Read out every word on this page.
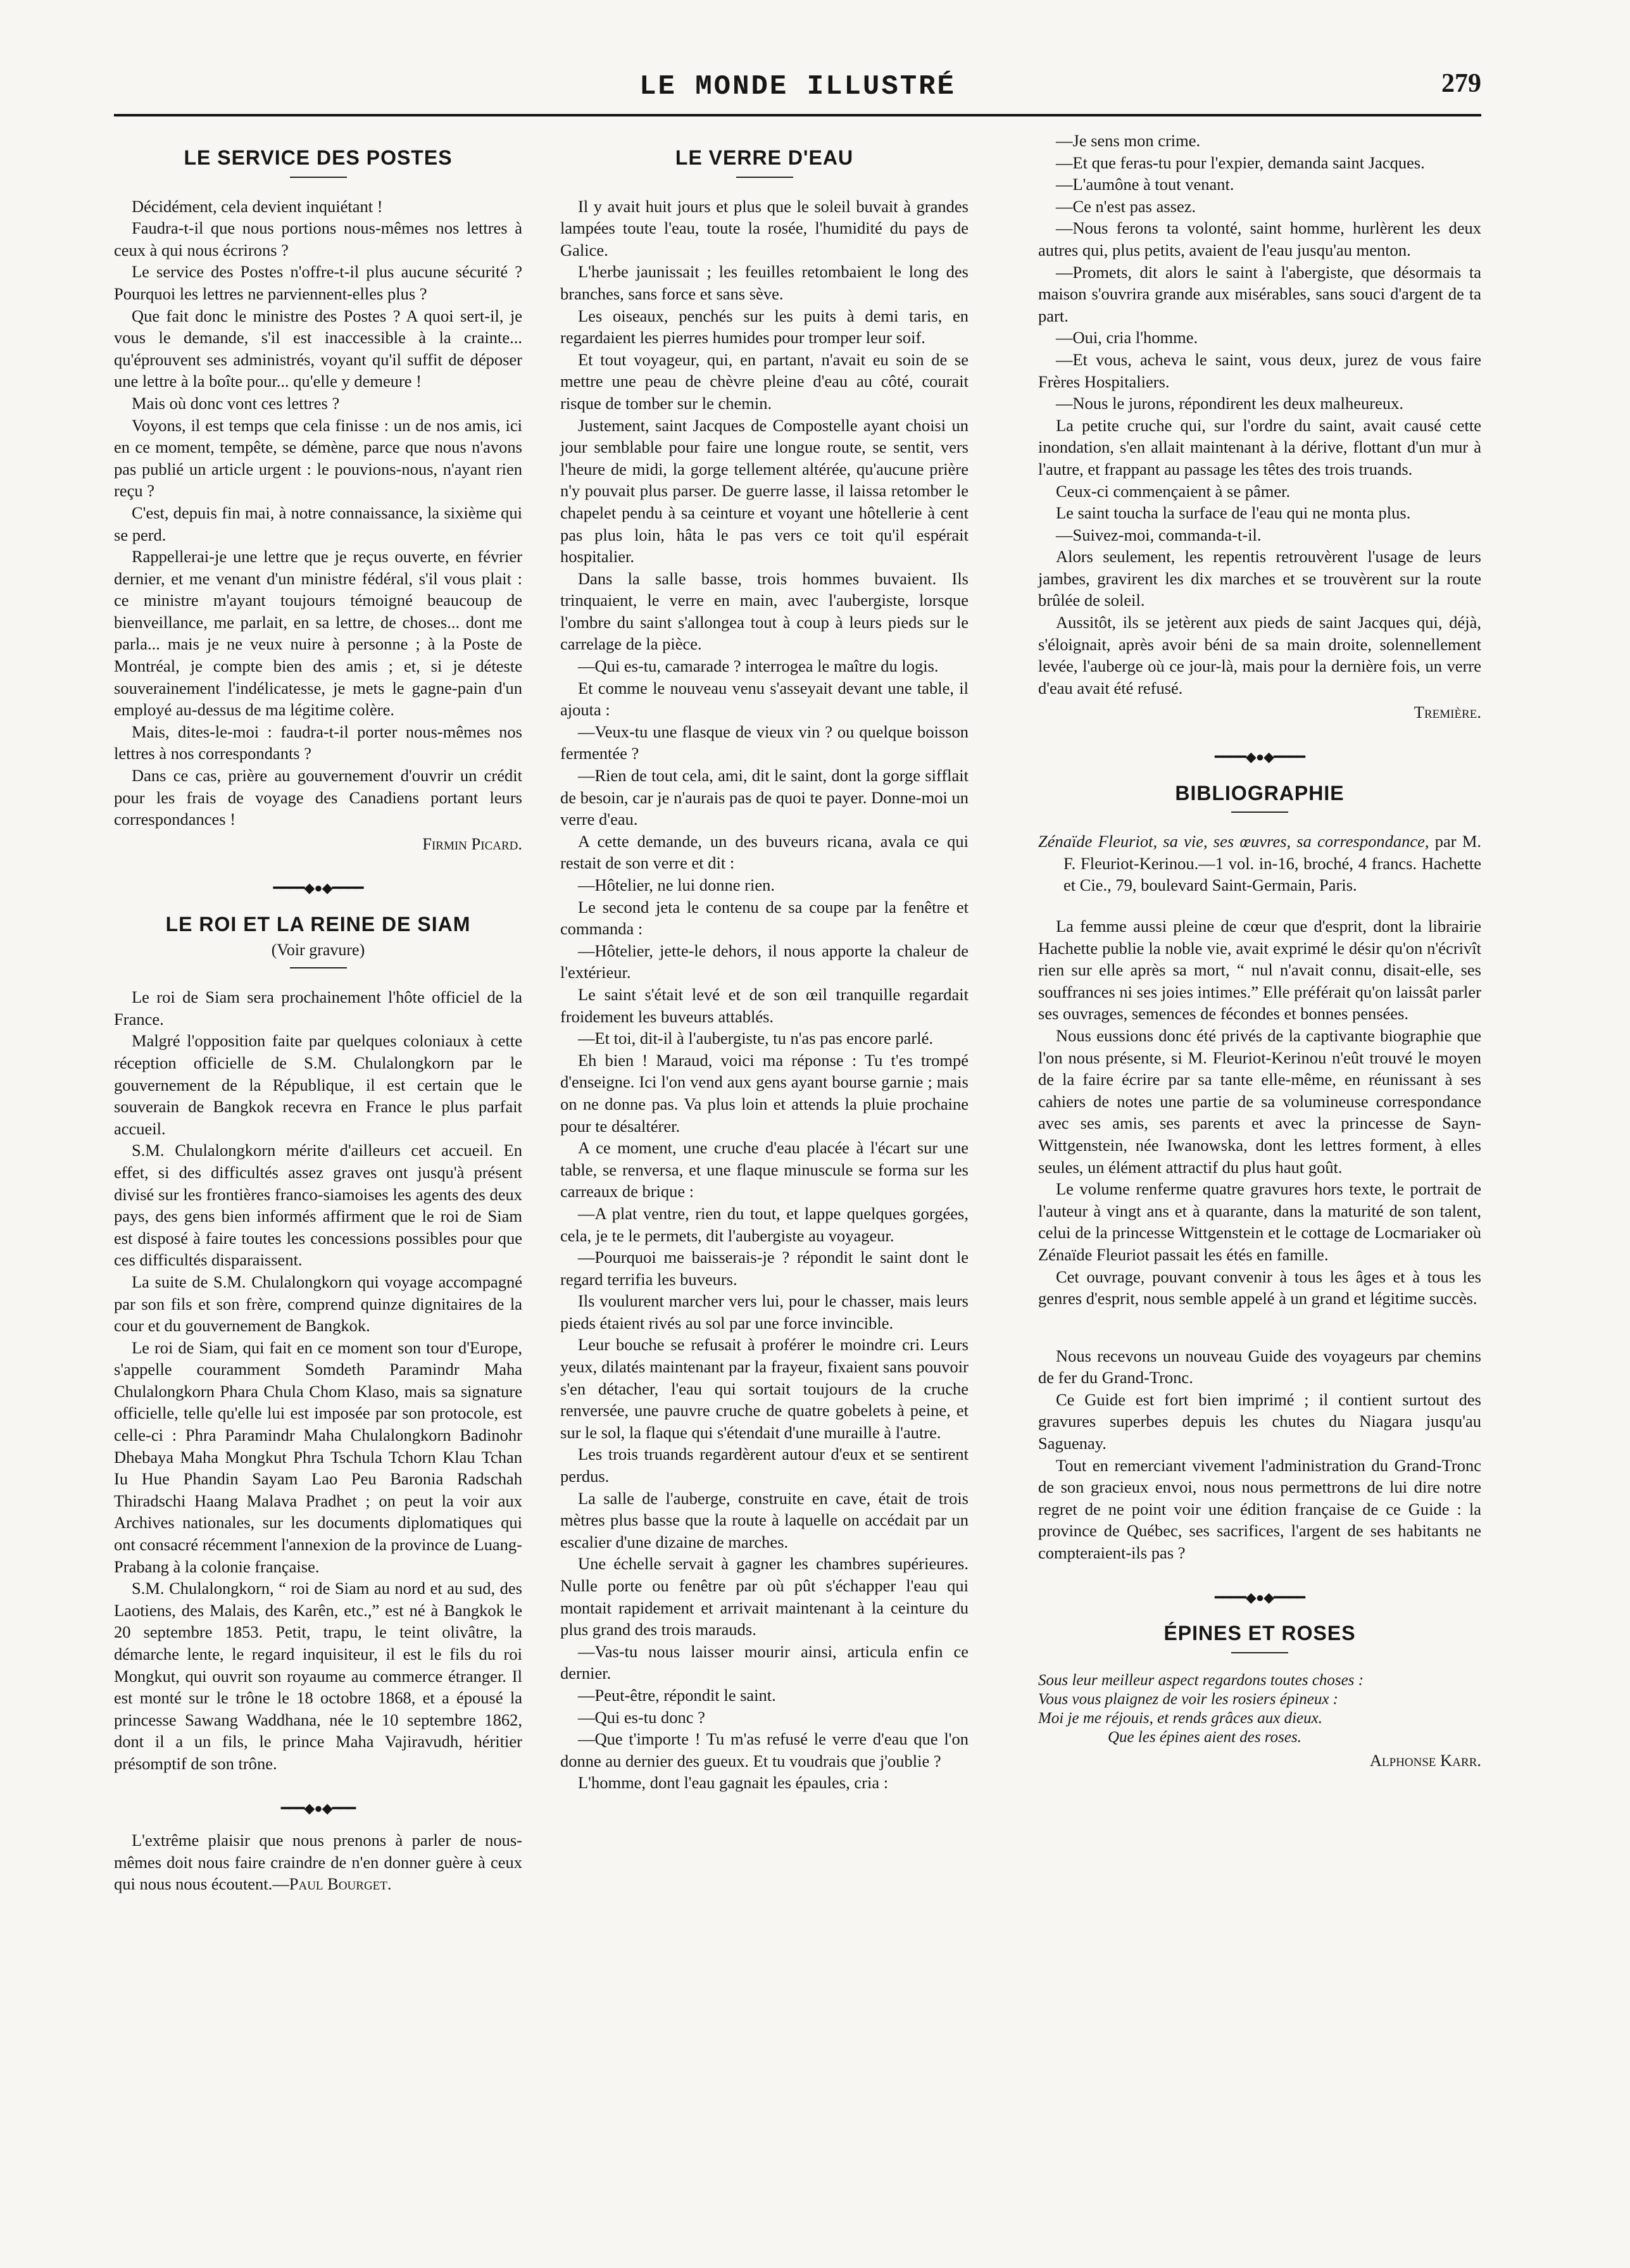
LE MONDE ILLUSTRÉ	279
LE SERVICE DES POSTES

Décidément, cela devient inquiétant !

Faudra-t-il que nous portions nous-mêmes nos lettres à ceux à qui nous écrirons ?

Le service des Postes n'offre-t-il plus aucune sécurité ? Pourquoi les lettres ne parviennent-elles plus ?

Que fait donc le ministre des Postes ? A quoi sert-il, je vous le demande, s'il est inaccessible à la crainte... qu'éprouvent ses administrés, voyant qu'il suffit de déposer une lettre à la boîte pour... qu'elle y demeure !

Mais où donc vont ces lettres ?

Voyons, il est temps que cela finisse : un de nos amis, ici en ce moment, tempête, se démène, parce que nous n'avons pas publié un article urgent : le pouvions-nous, n'ayant rien reçu ?

C'est, depuis fin mai, à notre connaissance, la sixième qui se perd.

Rappellerai-je une lettre que je reçus ouverte, en février dernier, et me venant d'un ministre fédéral, s'il vous plait : ce ministre m'ayant toujours témoigné beaucoup de bienveillance, me parlait, en sa lettre, de choses... dont me parla... mais je ne veux nuire à personne ; à la Poste de Montréal, je compte bien des amis ; et, si je déteste souverainement l'indélicatesse, je mets le gagne-pain d'un employé au-dessus de ma légitime colère.

Mais, dites-le-moi : faudra-t-il porter nous-mêmes nos lettres à nos correspondants ?

Dans ce cas, prière au gouvernement d'ouvrir un crédit pour les frais de voyage des Canadiens portant leurs correspondances !

Firmin Picard.

━━━━◆●◆━━━━
LE ROI ET LA REINE DE SIAM
(Voir gravure)

Le roi de Siam sera prochainement l'hôte officiel de la France.

Malgré l'opposition faite par quelques coloniaux à cette réception officielle de S.M. Chulalongkorn par le gouvernement de la République, il est certain que le souverain de Bangkok recevra en France le plus parfait accueil.

S.M. Chulalongkorn mérite d'ailleurs cet accueil. En effet, si des difficultés assez graves ont jusqu'à présent divisé sur les frontières franco-siamoises les agents des deux pays, des gens bien informés affirment que le roi de Siam est disposé à faire toutes les concessions possibles pour que ces difficultés disparaissent.

La suite de S.M. Chulalongkorn qui voyage accompagné par son fils et son frère, comprend quinze dignitaires de la cour et du gouvernement de Bangkok.

Le roi de Siam, qui fait en ce moment son tour d'Europe, s'appelle couramment Somdeth Paramindr Maha Chulalongkorn Phara Chula Chom Klaso, mais sa signature officielle, telle qu'elle lui est imposée par son protocole, est celle-ci : Phra Paramindr Maha Chulalongkorn Badinohr Dhebaya Maha Mongkut Phra Tschula Tchorn Klau Tchan Iu Hue Phandin Sayam Lao Peu Baronia Radschah Thiradschi Haang Malava Pradhet ; on peut la voir aux Archives nationales, sur les documents diplomatiques qui ont consacré récemment l'annexion de la province de Luang-Prabang à la colonie française.

S.M. Chulalongkorn, “ roi de Siam au nord et au sud, des Laotiens, des Malais, des Karên, etc.,” est né à Bangkok le 20 septembre 1853. Petit, trapu, le teint olivâtre, la démarche lente, le regard inquisiteur, il est le fils du roi Mongkut, qui ouvrit son royaume au commerce étranger. Il est monté sur le trône le 18 octobre 1868, et a épousé la princesse Sawang Waddhana, née le 10 septembre 1862, dont il a un fils, le prince Maha Vajiravudh, héritier présomptif de son trône.

━━━◆●◆━━━

L'extrême plaisir que nous prenons à parler de nous-mêmes doit nous faire craindre de n'en donner guère à ceux qui nous nous écoutent.—Paul Bourget.

LE VERRE D'EAU

Il y avait huit jours et plus que le soleil buvait à grandes lampées toute l'eau, toute la rosée, l'humidité du pays de Galice.

L'herbe jaunissait ; les feuilles retombaient le long des branches, sans force et sans sève.

Les oiseaux, penchés sur les puits à demi taris, en regardaient les pierres humides pour tromper leur soif.

Et tout voyageur, qui, en partant, n'avait eu soin de se mettre une peau de chèvre pleine d'eau au côté, courait risque de tomber sur le chemin.

Justement, saint Jacques de Compostelle ayant choisi un jour semblable pour faire une longue route, se sentit, vers l'heure de midi, la gorge tellement altérée, qu'aucune prière n'y pouvait plus parser. De guerre lasse, il laissa retomber le chapelet pendu à sa ceinture et voyant une hôtellerie à cent pas plus loin, hâta le pas vers ce toit qu'il espérait hospitalier.

Dans la salle basse, trois hommes buvaient. Ils trinquaient, le verre en main, avec l'aubergiste, lorsque l'ombre du saint s'allongea tout à coup à leurs pieds sur le carrelage de la pièce.

—Qui es-tu, camarade ? interrogea le maître du logis.

Et comme le nouveau venu s'asseyait devant une table, il ajouta :

—Veux-tu une flasque de vieux vin ? ou quelque boisson fermentée ?

—Rien de tout cela, ami, dit le saint, dont la gorge sifflait de besoin, car je n'aurais pas de quoi te payer. Donne-moi un verre d'eau.

A cette demande, un des buveurs ricana, avala ce qui restait de son verre et dit :

—Hôtelier, ne lui donne rien.

Le second jeta le contenu de sa coupe par la fenêtre et commanda :

—Hôtelier, jette-le dehors, il nous apporte la chaleur de l'extérieur.

Le saint s'était levé et de son œil tranquille regardait froidement les buveurs attablés.

—Et toi, dit-il à l'aubergiste, tu n'as pas encore parlé.

Eh bien ! Maraud, voici ma réponse : Tu t'es trompé d'enseigne. Ici l'on vend aux gens ayant bourse garnie ; mais on ne donne pas. Va plus loin et attends la pluie prochaine pour te désaltérer.

A ce moment, une cruche d'eau placée à l'écart sur une table, se renversa, et une flaque minuscule se forma sur les carreaux de brique :

—A plat ventre, rien du tout, et lappe quelques gorgées, cela, je te le permets, dit l'aubergiste au voyageur.

—Pourquoi me baisserais-je ? répondit le saint dont le regard terrifia les buveurs.

Ils voulurent marcher vers lui, pour le chasser, mais leurs pieds étaient rivés au sol par une force invincible.

Leur bouche se refusait à proférer le moindre cri. Leurs yeux, dilatés maintenant par la frayeur, fixaient sans pouvoir s'en détacher, l'eau qui sortait toujours de la cruche renversée, une pauvre cruche de quatre gobelets à peine, et sur le sol, la flaque qui s'étendait d'une muraille à l'autre.

Les trois truands regardèrent autour d'eux et se sentirent perdus.

La salle de l'auberge, construite en cave, était de trois mètres plus basse que la route à laquelle on accédait par un escalier d'une dizaine de marches.

Une échelle servait à gagner les chambres supérieures. Nulle porte ou fenêtre par où pût s'échapper l'eau qui montait rapidement et arrivait maintenant à la ceinture du plus grand des trois marauds.

—Vas-tu nous laisser mourir ainsi, articula enfin ce dernier.

—Peut-être, répondit le saint.

—Qui es-tu donc ?

—Que t'importe ! Tu m'as refusé le verre d'eau que l'on donne au dernier des gueux. Et tu voudrais que j'oublie ?

L'homme, dont l'eau gagnait les épaules, cria :

—Je sens mon crime.

—Et que feras-tu pour l'expier, demanda saint Jacques.

—L'aumône à tout venant.

—Ce n'est pas assez.

—Nous ferons ta volonté, saint homme, hurlèrent les deux autres qui, plus petits, avaient de l'eau jusqu'au menton.

—Promets, dit alors le saint à l'abergiste, que désormais ta maison s'ouvrira grande aux misérables, sans souci d'argent de ta part.

—Oui, cria l'homme.

—Et vous, acheva le saint, vous deux, jurez de vous faire Frères Hospitaliers.

—Nous le jurons, répondirent les deux malheureux.

La petite cruche qui, sur l'ordre du saint, avait causé cette inondation, s'en allait maintenant à la dérive, flottant d'un mur à l'autre, et frappant au passage les têtes des trois truands.

Ceux-ci commençaient à se pâmer.

Le saint toucha la surface de l'eau qui ne monta plus.

—Suivez-moi, commanda-t-il.

Alors seulement, les repentis retrouvèrent l'usage de leurs jambes, gravirent les dix marches et se trouvèrent sur la route brûlée de soleil.

Aussitôt, ils se jetèrent aux pieds de saint Jacques qui, déjà, s'éloignait, après avoir béni de sa main droite, solennellement levée, l'auberge où ce jour-là, mais pour la dernière fois, un verre d'eau avait été refusé.

Tremière.

━━━━◆●◆━━━━
BIBLIOGRAPHIE

Zénaïde Fleuriot, sa vie, ses œuvres, sa correspondance, par M. F. Fleuriot-Kerinou.—1 vol. in-16, broché, 4 francs. Hachette et Cie., 79, boulevard Saint-Germain, Paris.

La femme aussi pleine de cœur que d'esprit, dont la librairie Hachette publie la noble vie, avait exprimé le désir qu'on n'écrivît rien sur elle après sa mort, “ nul n'avait connu, disait-elle, ses souffrances ni ses joies intimes.” Elle préférait qu'on laissât parler ses ouvrages, semences de fécondes et bonnes pensées.

Nous eussions donc été privés de la captivante biographie que l'on nous présente, si M. Fleuriot-Kerinou n'eût trouvé le moyen de la faire écrire par sa tante elle-même, en réunissant à ses cahiers de notes une partie de sa volumineuse correspondance avec ses amis, ses parents et avec la princesse de Sayn-Wittgenstein, née Iwanowska, dont les lettres forment, à elles seules, un élément attractif du plus haut goût.

Le volume renferme quatre gravures hors texte, le portrait de l'auteur à vingt ans et à quarante, dans la maturité de son talent, celui de la princesse Wittgenstein et le cottage de Locmariaker où Zénaïde Fleuriot passait les étés en famille.

Cet ouvrage, pouvant convenir à tous les âges et à tous les genres d'esprit, nous semble appelé à un grand et légitime succès.

Nous recevons un nouveau Guide des voyageurs par chemins de fer du Grand-Tronc.

Ce Guide est fort bien imprimé ; il contient surtout des gravures superbes depuis les chutes du Niagara jusqu'au Saguenay.

Tout en remerciant vivement l'administration du Grand-Tronc de son gracieux envoi, nous nous permettrons de lui dire notre regret de ne point voir une édition française de ce Guide : la province de Québec, ses sacrifices, l'argent de ses habitants ne compteraient-ils pas ?

━━━━◆●◆━━━━
ÉPINES ET ROSES

Sous leur meilleur aspect regardons toutes choses :
Vous vous plaignez de voir les rosiers épineux :
Moi je me réjouis, et rends grâces aux dieux.
Que les épines aient des roses.

Alphonse Karr.
